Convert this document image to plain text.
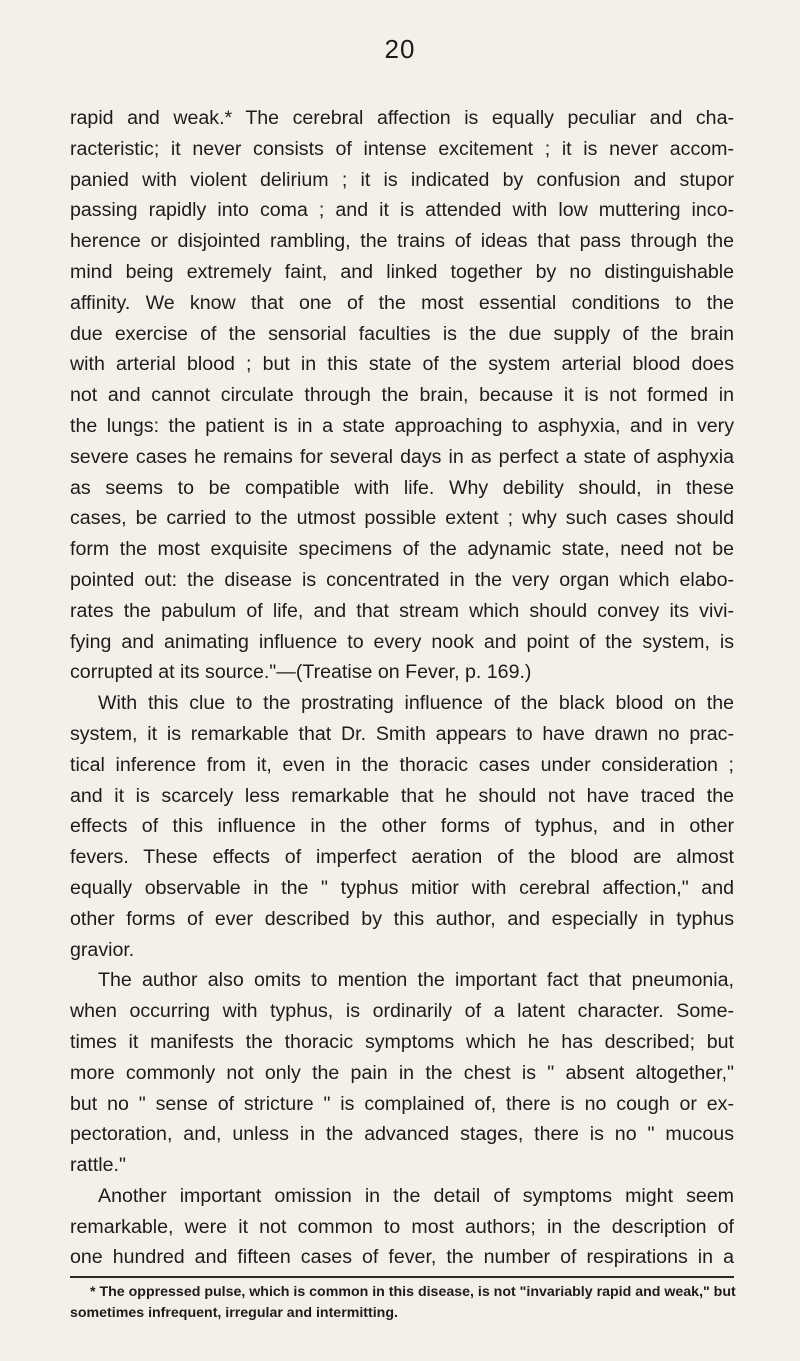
20
rapid and weak.* The cerebral affection is equally peculiar and cha-
racteristic; it never consists of intense excitement ; it is never accom-
panied with violent delirium ; it is indicated by confusion and stupor
passing rapidly into coma ; and it is attended with low muttering inco-
herence or disjointed rambling, the trains of ideas that pass through the
mind being extremely faint, and linked together by no distinguishable
affinity. We know that one of the most essential conditions to the
due exercise of the sensorial faculties is the due supply of the brain
with arterial blood ; but in this state of the system arterial blood does
not and cannot circulate through the brain, because it is not formed in
the lungs: the patient is in a state approaching to asphyxia, and in very
severe cases he remains for several days in as perfect a state of asphyxia
as seems to be compatible with life. Why debility should, in these
cases, be carried to the utmost possible extent ; why such cases should
form the most exquisite specimens of the adynamic state, need not be
pointed out: the disease is concentrated in the very organ which elabo-
rates the pabulum of life, and that stream which should convey its vivi-
fying and animating influence to every nook and point of the system, is
corrupted at its source."—(Treatise on Fever, p. 169.)
With this clue to the prostrating influence of the black blood on the
system, it is remarkable that Dr. Smith appears to have drawn no prac-
tical inference from it, even in the thoracic cases under consideration ;
and it is scarcely less remarkable that he should not have traced the
effects of this influence in the other forms of typhus, and in other
fevers. These effects of imperfect aeration of the blood are almost
equally observable in the " typhus mitior with cerebral affection," and
other forms of ever described by this author, and especially in typhus
gravior.
The author also omits to mention the important fact that pneumonia,
when occurring with typhus, is ordinarily of a latent character. Some-
times it manifests the thoracic symptoms which he has described; but
more commonly not only the pain in the chest is " absent altogether,"
but no " sense of stricture " is complained of, there is no cough or ex-
pectoration, and, unless in the advanced stages, there is no " mucous
rattle."
Another important omission in the detail of symptoms might seem
remarkable, were it not common to most authors; in the description of
one hundred and fifteen cases of fever, the number of respirations in a
* The oppressed pulse, which is common in this disease, is not "invariably rapid and weak," but
sometimes infrequent, irregular and intermitting.
